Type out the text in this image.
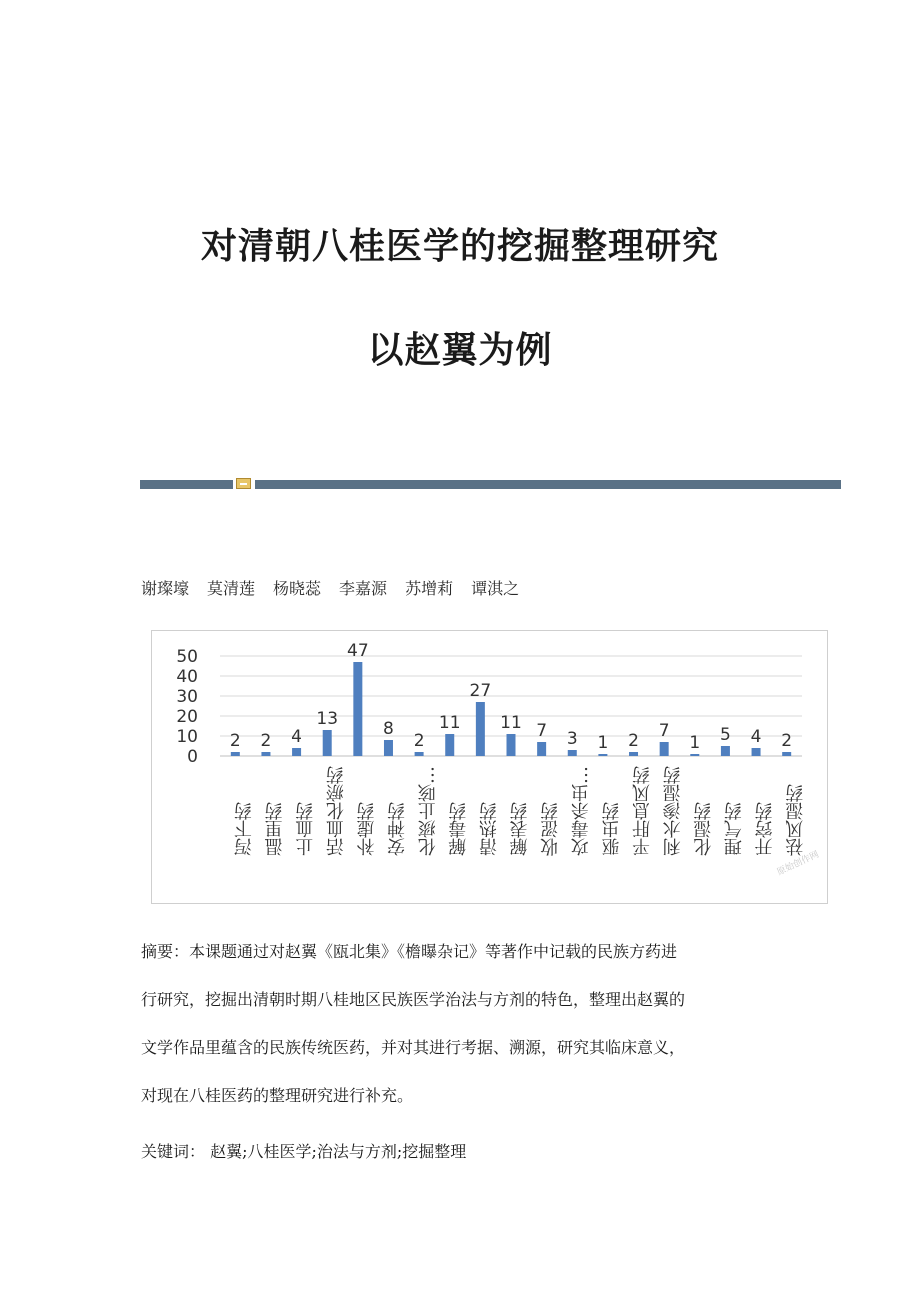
对清朝八桂医学的挖掘整理研究
以赵翼为例
谢璨壕 莫清莲 杨晓蕊 李嘉源 苏增莉 谭淇之
50
40
30
20
10
0
2
泻下药
2
温里药
4
止血药
13
活血化瘀药
47
补虚药
8
安神药
2
化痰止咳…
11
解毒药
27
清热药
11
解表药
7
收涩药
3
攻毒杀虫…
1
驱虫药
2
平肝息风药
7
利水渗湿药
1
化湿药
5
理气药
4
开窍药
2
祛风湿药
原始创作网

摘要：本课题通过对赵翼《瓯北集》《檐曝杂记》等著作中记载的民族方药进

行研究，挖掘出清朝时期八桂地区民族医学治法与方剂的特色，整理出赵翼的

文学作品里蕴含的民族传统医药，并对其进行考据、溯源，研究其临床意义，

对现在八桂医药的整理研究进行补充。

关键词： 赵翼;八桂医学;治法与方剂;挖掘整理
